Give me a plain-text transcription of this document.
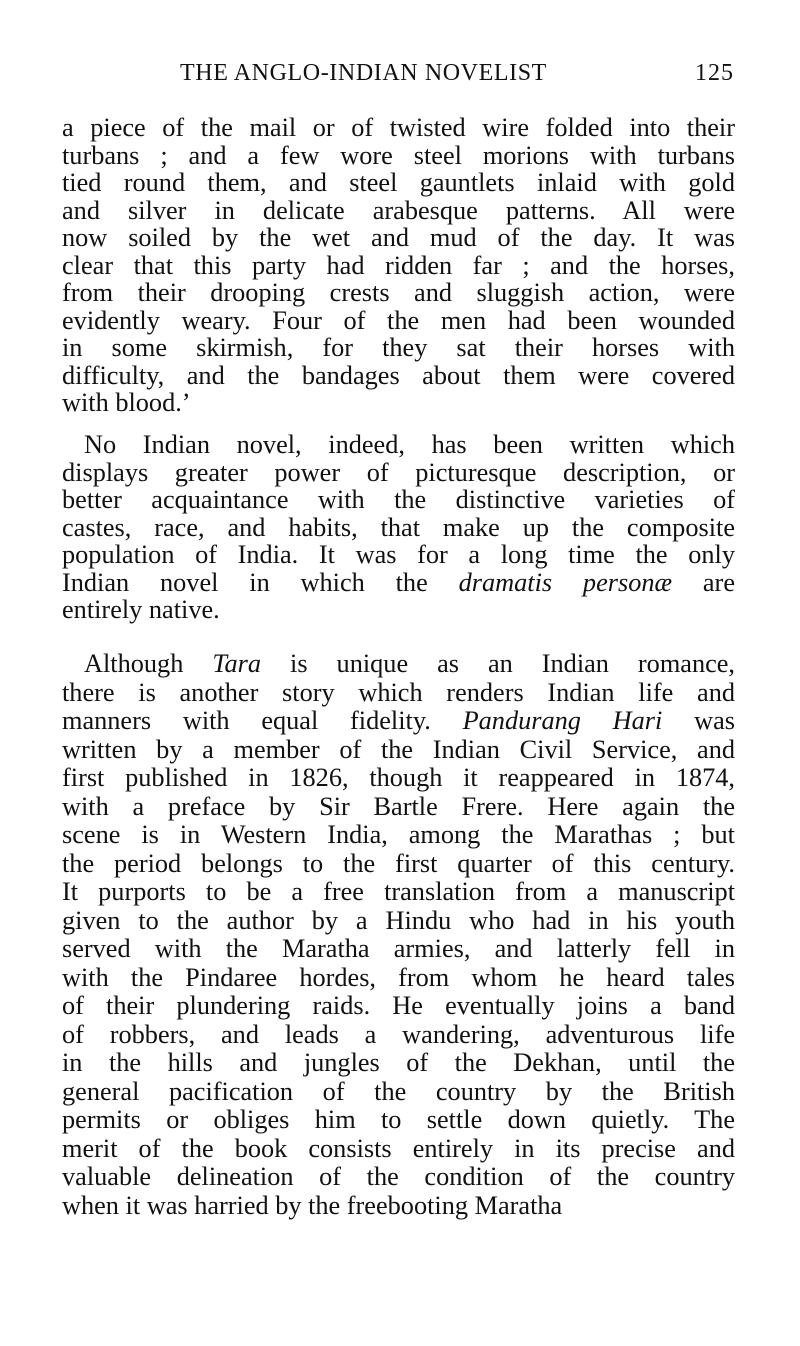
THE ANGLO-INDIAN NOVELIST	125
a piece of the mail or of twisted wire folded into their
turbans ; and a few wore steel morions with turbans
tied round them, and steel gauntlets inlaid with gold
and silver in delicate arabesque patterns. All were
now soiled by the wet and mud of the day. It was
clear that this party had ridden far ; and the horses,
from their drooping crests and sluggish action, were
evidently weary. Four of the men had been wounded
in some skirmish, for they sat their horses with
difficulty, and the bandages about them were covered
with blood.’
No Indian novel, indeed, has been written which
displays greater power of picturesque description, or
better acquaintance with the distinctive varieties of
castes, race, and habits, that make up the composite
population of India. It was for a long time the only
Indian novel in which the dramatis personæ are
entirely native.
Although Tara is unique as an Indian romance,
there is another story which renders Indian life and
manners with equal fidelity. Pandurang Hari was
written by a member of the Indian Civil Service, and
first published in 1826, though it reappeared in 1874,
with a preface by Sir Bartle Frere. Here again the
scene is in Western India, among the Marathas ; but
the period belongs to the first quarter of this century.
It purports to be a free translation from a manuscript
given to the author by a Hindu who had in his youth
served with the Maratha armies, and latterly fell in
with the Pindaree hordes, from whom he heard tales
of their plundering raids. He eventually joins a band
of robbers, and leads a wandering, adventurous life
in the hills and jungles of the Dekhan, until the
general pacification of the country by the British
permits or obliges him to settle down quietly. The
merit of the book consists entirely in its precise and
valuable delineation of the condition of the country
when it was harried by the freebooting Maratha
